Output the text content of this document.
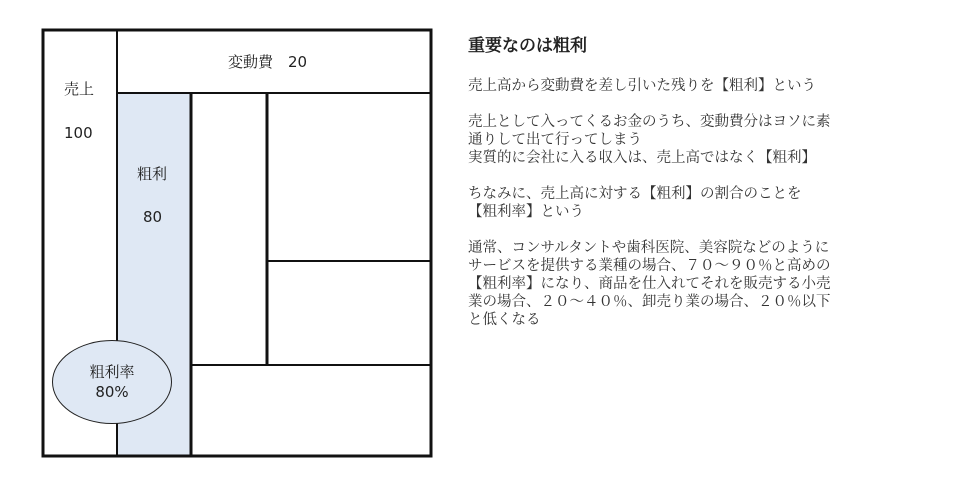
売上
100
変動費　20
粗利
80
粗利率
80%
重要なのは粗利

売上高から変動費を差し引いた残りを【粗利】という

売上として入ってくるお金のうち、変動費分はヨソに素
通りして出て行ってしまう
実質的に会社に入る収入は、売上高ではなく【粗利】

ちなみに、売上高に対する【粗利】の割合のことを
【粗利率】という

通常、コンサルタントや歯科医院、美容院などのように
サービスを提供する業種の場合、７０～９０％と高めの
【粗利率】になり、商品を仕入れてそれを販売する小売
業の場合、２０～４０％、卸売り業の場合、２０％以下
と低くなる
